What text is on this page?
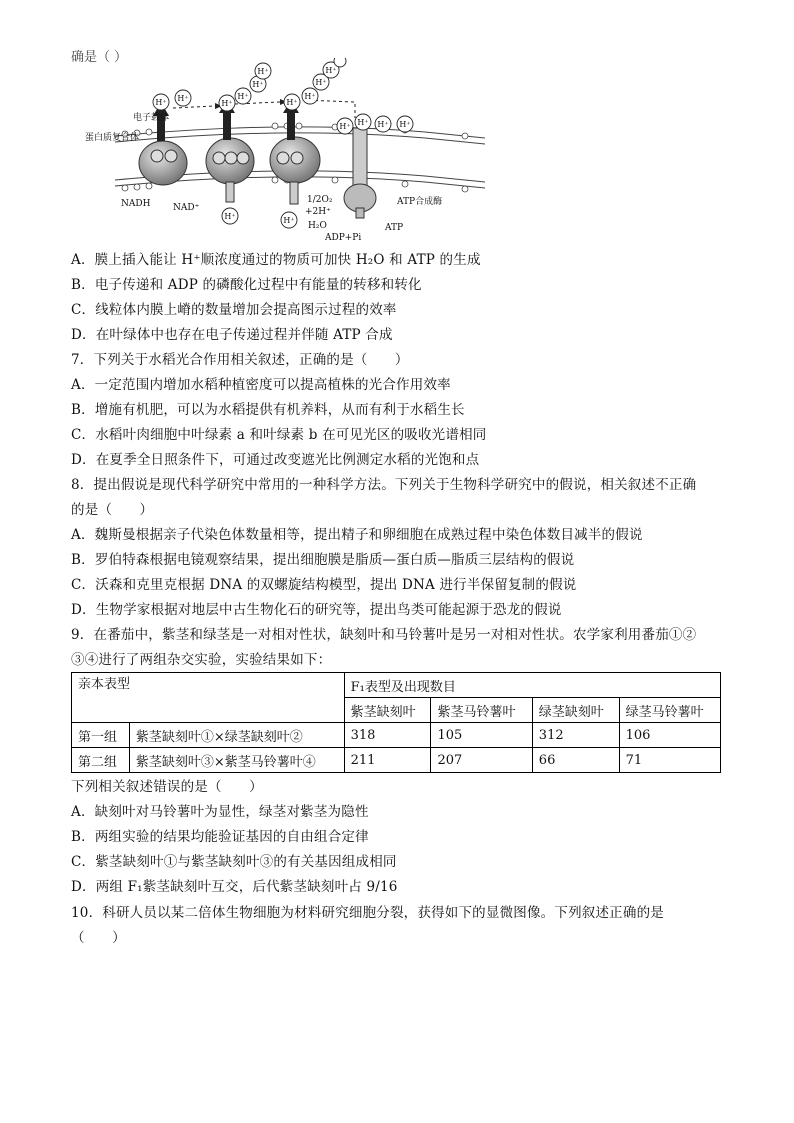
确是（ ）
H⁺ H⁺
H⁺
H⁺
H⁺
H⁺
H⁺
H⁺
H⁺
H⁺
H⁺ H⁺ H⁺ H⁺
H⁺	H⁺
电子载体
蛋白质复合体
NADH	NAD⁺
1/2O₂
+2H⁺
H₂O
ATP合成酶
ADP+Pi
ATP
A．膜上插入能让 H⁺顺浓度通过的物质可加快 H₂O 和 ATP 的生成
B．电子传递和 ADP 的磷酸化过程中有能量的转移和转化
C．线粒体内膜上嵴的数量增加会提高图示过程的效率
D．在叶绿体中也存在电子传递过程并伴随 ATP 合成
7．下列关于水稻光合作用相关叙述，正确的是（　　）
A．一定范围内增加水稻种植密度可以提高植株的光合作用效率
B．增施有机肥，可以为水稻提供有机养料，从而有利于水稻生长
C．水稻叶肉细胞中叶绿素 a 和叶绿素 b 在可见光区的吸收光谱相同
D．在夏季全日照条件下，可通过改变遮光比例测定水稻的光饱和点
8．提出假说是现代科学研究中常用的一种科学方法。下列关于生物科学研究中的假说，相关叙述不正确
的是（　　）
A．魏斯曼根据亲子代染色体数量相等，提出精子和卵细胞在成熟过程中染色体数目减半的假说
B．罗伯特森根据电镜观察结果，提出细胞膜是脂质—蛋白质—脂质三层结构的假说
C．沃森和克里克根据 DNA 的双螺旋结构模型，提出 DNA 进行半保留复制的假说
D．生物学家根据对地层中古生物化石的研究等，提出鸟类可能起源于恐龙的假说
9．在番茄中，紫茎和绿茎是一对相对性状，缺刻叶和马铃薯叶是另一对相对性状。农学家利用番茄①②
③④进行了两组杂交实验，实验结果如下：
亲本表型		F₁表型及出现数目			
		紫茎缺刻叶	紫茎马铃薯叶	绿茎缺刻叶	绿茎马铃薯叶
第一组	紫茎缺刻叶①×绿茎缺刻叶②	318	105	312	106
第二组	紫茎缺刻叶③×紫茎马铃薯叶④	211	207	66	71
下列相关叙述错误的是（　　）
A．缺刻叶对马铃薯叶为显性，绿茎对紫茎为隐性
B．两组实验的结果均能验证基因的自由组合定律
C．紫茎缺刻叶①与紫茎缺刻叶③的有关基因组成相同
D．两组 F₁紫茎缺刻叶互交，后代紫茎缺刻叶占 9/16
10．科研人员以某二倍体生物细胞为材料研究细胞分裂，获得如下的显微图像。下列叙述正确的是
（　　）
